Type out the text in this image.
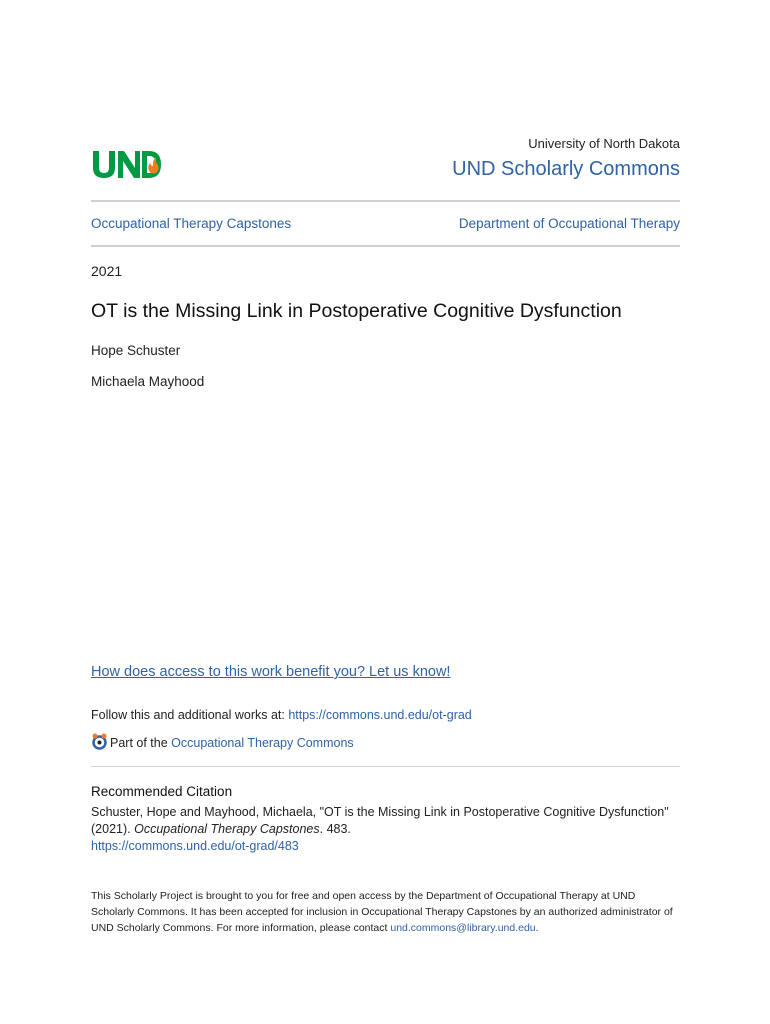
University of North Dakota
UND Scholarly Commons
Occupational Therapy Capstones	Department of Occupational Therapy
2021
OT is the Missing Link in Postoperative Cognitive Dysfunction
Hope Schuster
Michaela Mayhood
How does access to this work benefit you? Let us know!
Follow this and additional works at: https://commons.und.edu/ot-grad
Part of the Occupational Therapy Commons
Recommended Citation
Schuster, Hope and Mayhood, Michaela, "OT is the Missing Link in Postoperative Cognitive Dysfunction" (2021). Occupational Therapy Capstones. 483.
https://commons.und.edu/ot-grad/483
This Scholarly Project is brought to you for free and open access by the Department of Occupational Therapy at UND Scholarly Commons. It has been accepted for inclusion in Occupational Therapy Capstones by an authorized administrator of UND Scholarly Commons. For more information, please contact und.commons@library.und.edu.
